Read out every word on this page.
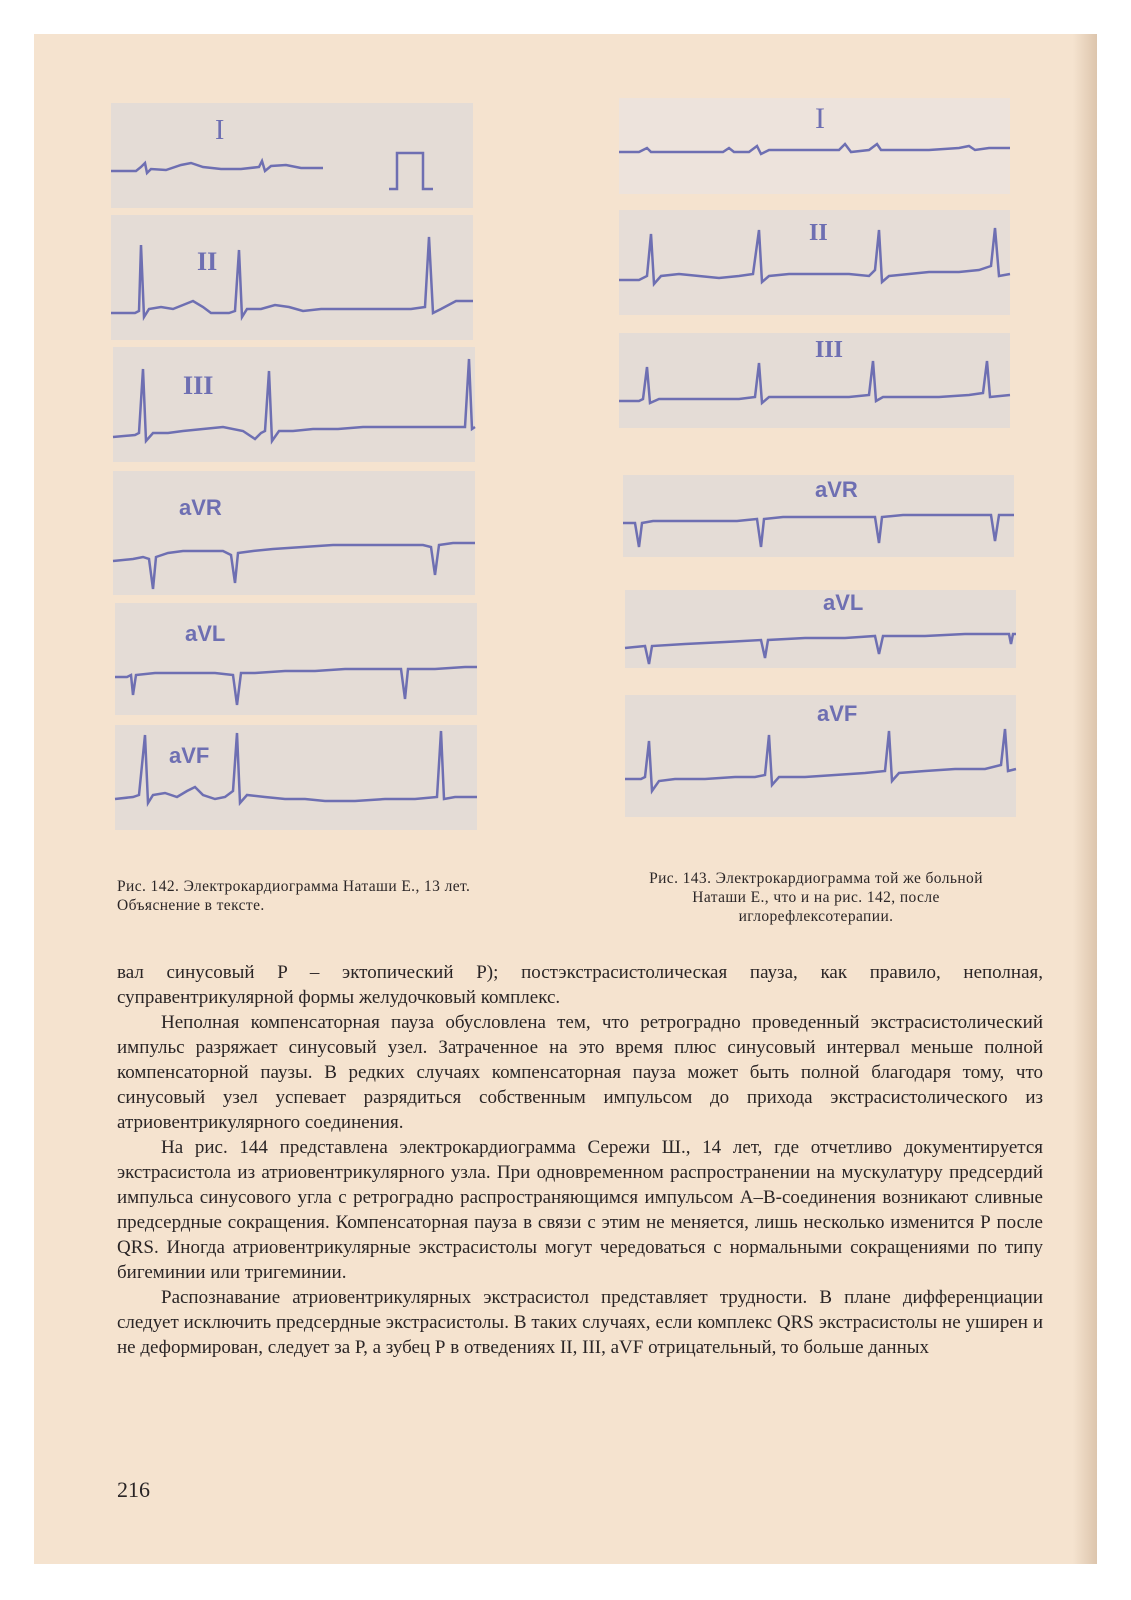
I
II
III
aVR
aVL
aVF
Рис. 142. Электрокардиограмма Наташи Е., 13 лет. Объяснение в тексте.
I
II
III
aVR
aVL
aVF
Рис. 143. Электрокардиограмма той же больной Наташи Е., что и на рис. 142, после иглорефлексотерапии.

вал синусовый P – эктопический P); постэкстрасистолическая пауза, как правило, неполная, суправентрикулярной формы желудочковый комплекс.

Неполная компенсаторная пауза обусловлена тем, что ретроградно проведенный экстрасистолический импульс разряжает синусовый узел. Затраченное на это время плюс синусовый интервал меньше полной компенсаторной паузы. В редких случаях компенсаторная пауза может быть полной благодаря тому, что синусовый узел успевает разрядиться собственным импульсом до прихода экстрасистолического из атриовентрикулярного соединения.

На рис. 144 представлена электрокардиограмма Сережи Ш., 14 лет, где отчетливо документируется экстрасистола из атриовентрикулярного узла. При одновременном распространении на мускулатуру предсердий импульса синусового угла с ретроградно распространяющимся импульсом А–В-соединения возникают сливные предсердные сокращения. Компенсаторная пауза в связи с этим не меняется, лишь несколько изменится Р после QRS. Иногда атриовентрикулярные экстрасистолы могут чередоваться с нормальными сокращениями по типу бигеминии или тригеминии.

Распознавание атриовентрикулярных экстрасистол представляет трудности. В плане дифференциации следует исключить предсердные экстрасистолы. В таких случаях, если комплекс QRS экстрасистолы не уширен и не деформирован, следует за Р, а зубец Р в отведениях II, III, aVF отрицательный, то больше данных

216
